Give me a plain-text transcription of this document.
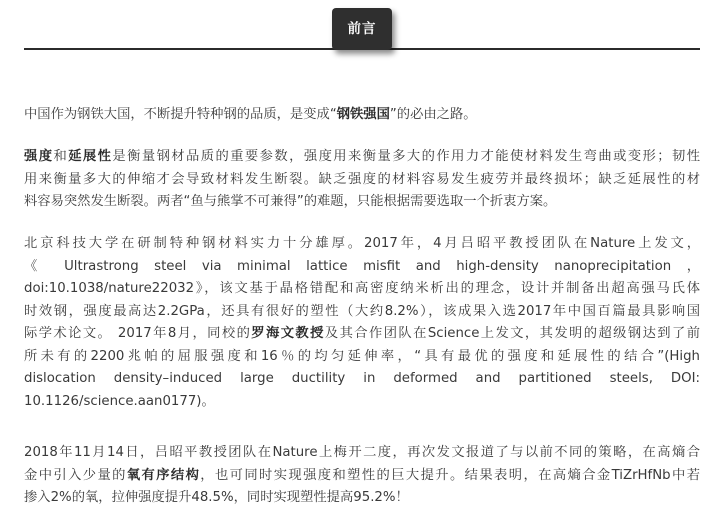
前言

中国作为钢铁大国，不断提升特种钢的品质，是变成“钢铁强国”的必由之路。

强度和延展性是衡量钢材品质的重要参数，强度用来衡量多大的作用力才能使材料发生弯曲或变形；韧性
用来衡量多大的伸缩才会导致材料发生断裂。缺乏强度的材料容易发生疲劳并最终损坏；缺乏延展性的材
料容易突然发生断裂。两者“鱼与熊掌不可兼得”的难题，只能根据需要选取一个折衷方案。

北京科技大学在研制特种钢材料实力十分雄厚。2017年，4月吕昭平教授团队在Nature上发文，
《 Ultrastrong steel via minimal lattice misfit and high-density nanoprecipitation ，
doi:10.1038/nature22032》，该文基于晶格错配和高密度纳米析出的理念，设计并制备出超高强马氏体
时效钢，强度最高达2.2GPa，还具有很好的塑性（大约8.2%），该成果入选2017年中国百篇最具影响国
际学术论文。 2017年8月，同校的罗海文教授及其合作团队在Science上发文，其发明的超级钢达到了前
所未有的2200兆帕的屈服强度和16％的均匀延伸率，“具有最优的强度和延展性的结合”(High
dislocation density–induced large ductility in deformed and partitioned steels, DOI:
10.1126/science.aan0177)。

2018年11月14日，吕昭平教授团队在Nature上梅开二度，再次发文报道了与以前不同的策略，在高熵合
金中引入少量的氧有序结构，也可同时实现强度和塑性的巨大提升。结果表明，在高熵合金TiZrHfNb中若
掺入2%的氧，拉伸强度提升48.5%，同时实现塑性提高95.2%！
